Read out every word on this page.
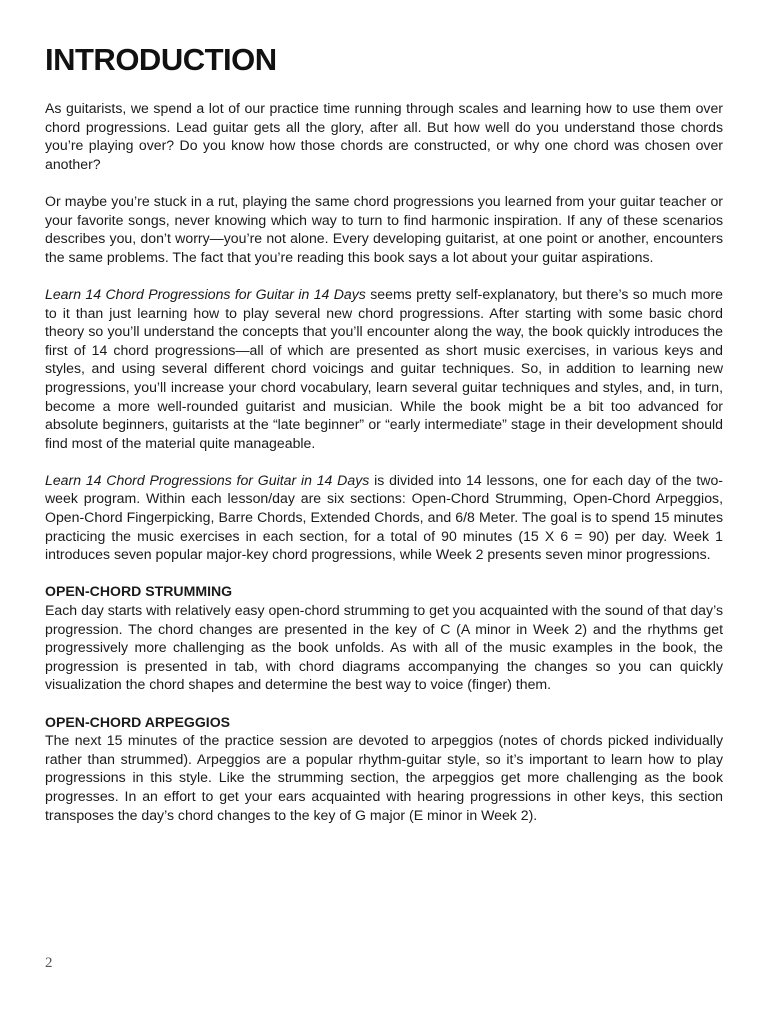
INTRODUCTION

As guitarists, we spend a lot of our practice time running through scales and learning how to use them over chord progressions. Lead guitar gets all the glory, after all. But how well do you understand those chords you’re playing over? Do you know how those chords are constructed, or why one chord was chosen over another?

Or maybe you’re stuck in a rut, playing the same chord progressions you learned from your guitar teacher or your favorite songs, never knowing which way to turn to find harmonic inspiration. If any of these scenarios describes you, don’t worry—you’re not alone. Every developing guitarist, at one point or another, encounters the same problems. The fact that you’re reading this book says a lot about your guitar aspirations.

Learn 14 Chord Progressions for Guitar in 14 Days seems pretty self-explanatory, but there’s so much more to it than just learning how to play several new chord progressions. After starting with some basic chord theory so you’ll understand the concepts that you’ll encounter along the way, the book quickly introduces the first of 14 chord progressions—all of which are presented as short music exercises, in various keys and styles, and using several different chord voicings and guitar techniques. So, in addition to learning new progressions, you’ll increase your chord vocabulary, learn several guitar techniques and styles, and, in turn, become a more well-rounded guitarist and musician. While the book might be a bit too advanced for absolute beginners, guitarists at the “late beginner” or “early intermediate” stage in their development should find most of the material quite manageable.

Learn 14 Chord Progressions for Guitar in 14 Days is divided into 14 lessons, one for each day of the two-week program. Within each lesson/day are six sections: Open-Chord Strumming, Open-Chord Arpeggios, Open-Chord Fingerpicking, Barre Chords, Extended Chords, and 6/8 Meter. The goal is to spend 15 minutes practicing the music exercises in each section, for a total of 90 minutes (15 X 6 = 90) per day. Week 1 introduces seven popular major-key chord progressions, while Week 2 presents seven minor progressions.

OPEN-CHORD STRUMMING

Each day starts with relatively easy open-chord strumming to get you acquainted with the sound of that day’s progression. The chord changes are presented in the key of C (A minor in Week 2) and the rhythms get progressively more challenging as the book unfolds. As with all of the music examples in the book, the progression is presented in tab, with chord diagrams accompanying the changes so you can quickly visualization the chord shapes and determine the best way to voice (finger) them.

OPEN-CHORD ARPEGGIOS

The next 15 minutes of the practice session are devoted to arpeggios (notes of chords picked individually rather than strummed). Arpeggios are a popular rhythm-guitar style, so it’s important to learn how to play progressions in this style. Like the strumming section, the arpeggios get more challenging as the book progresses. In an effort to get your ears acquainted with hearing progressions in other keys, this section transposes the day’s chord changes to the key of G major (E minor in Week 2).

2
